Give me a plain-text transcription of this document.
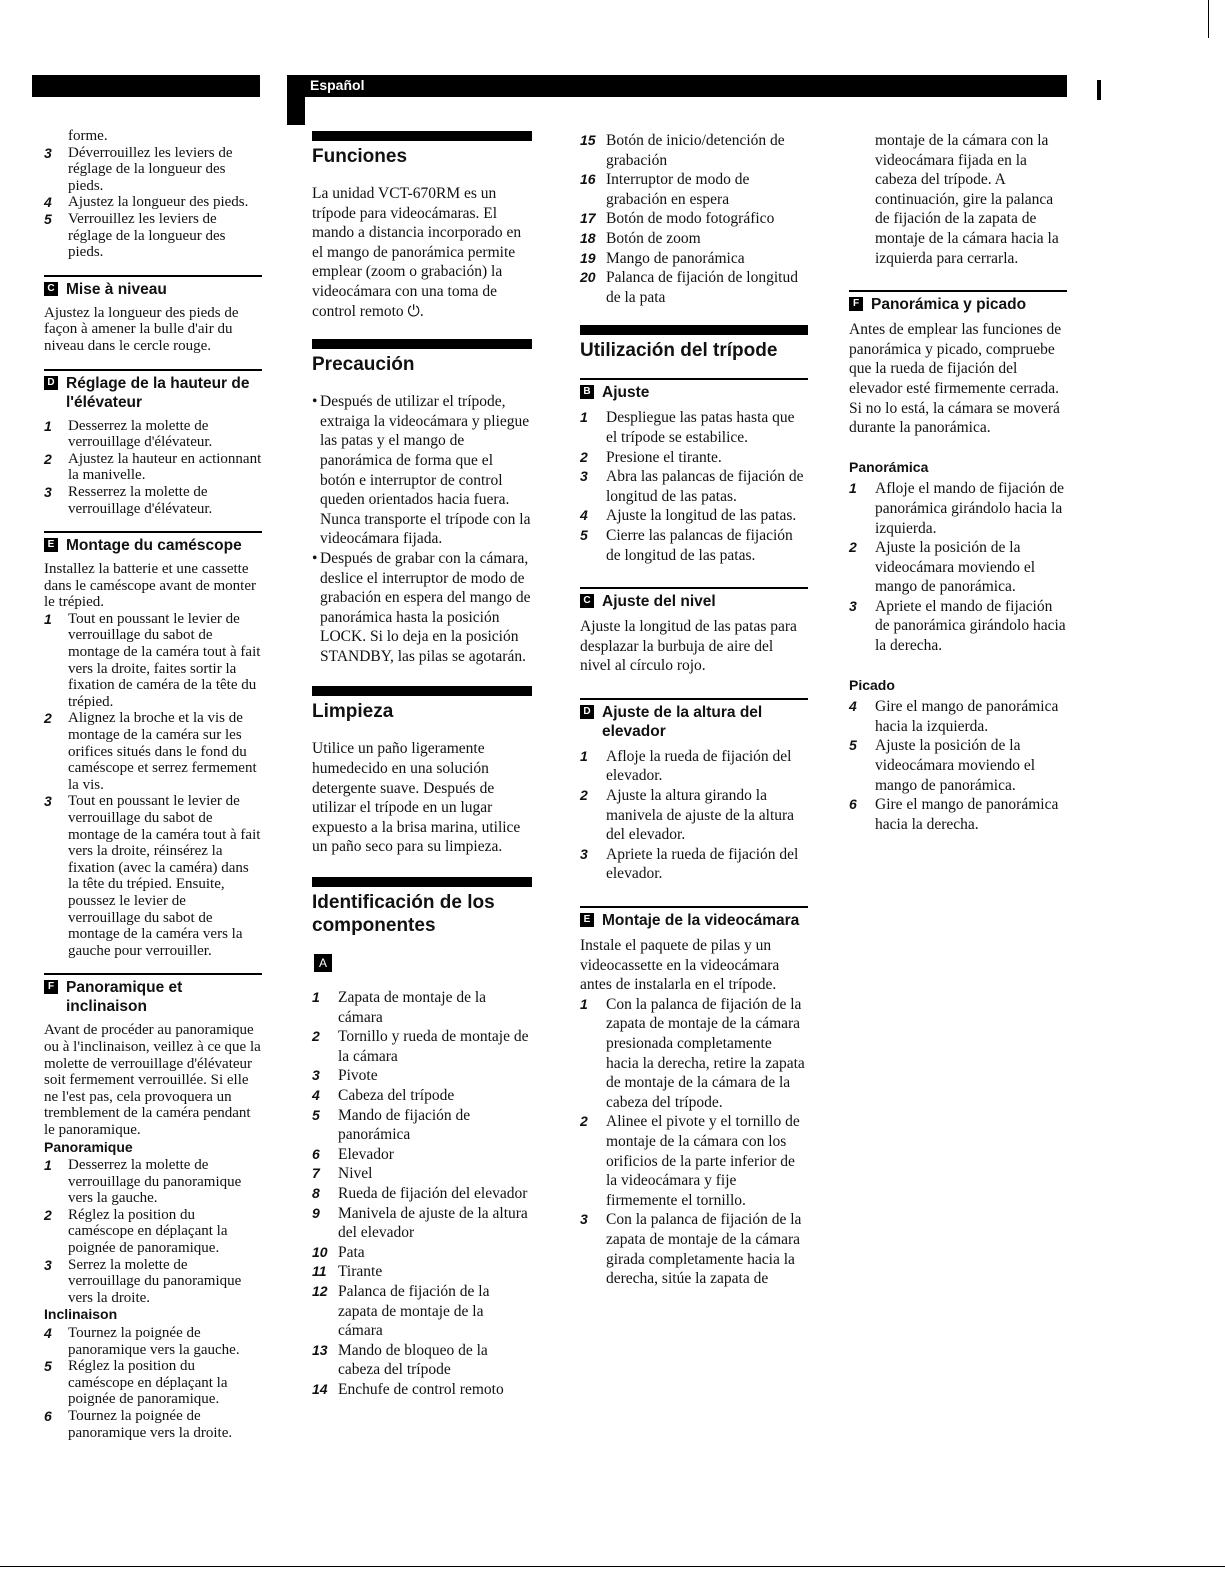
Español

forme.

3	Déverrouillez les leviers de réglage de la longueur des pieds.
4	Ajustez la longueur des pieds.
5	Verrouillez les leviers de réglage de la longueur des pieds.
C Mise à niveau

Ajustez la longueur des pieds de façon à amener la bulle d'air du niveau dans le cercle rouge.

D Réglage de la hauteur de l'élévateur
1	Desserrez la molette de verrouillage d'élévateur.
2	Ajustez la hauteur en actionnant la manivelle.
3	Resserrez la molette de verrouillage d'élévateur.
E Montage du caméscope

Installez la batterie et une cassette dans le caméscope avant de monter le trépied.

1	Tout en poussant le levier de verrouillage du sabot de montage de la caméra tout à fait vers la droite, faites sortir la fixation de caméra de la tête du trépied.
2	Alignez la broche et la vis de montage de la caméra sur les orifices situés dans le fond du caméscope et serrez fermement la vis.
3	Tout en poussant le levier de verrouillage du sabot de montage de la caméra tout à fait vers la droite, réinsérez la fixation (avec la caméra) dans la tête du trépied. Ensuite, poussez le levier de verrouillage du sabot de montage de la caméra vers la gauche pour verrouiller.
F Panoramique et inclinaison

Avant de procéder au panoramique ou à l'inclinaison, veillez à ce que la molette de verrouillage d'élévateur soit fermement verrouillée. Si elle ne l'est pas, cela provoquera un tremblement de la caméra pendant le panoramique.

Panoramique
1	Desserrez la molette de verrouillage du panoramique vers la gauche.
2	Réglez la position du caméscope en déplaçant la poignée de panoramique.
3	Serrez la molette de verrouillage du panoramique vers la droite.
Inclinaison
4	Tournez la poignée de panoramique vers la gauche.
5	Réglez la position du caméscope en déplaçant la poignée de panoramique.
6	Tournez la poignée de panoramique vers la droite.
Funciones

La unidad VCT-670RM es un trípode para videocámaras. El mando a distancia incorporado en el mango de panorámica permite emplear (zoom o grabación) la videocámara con una toma de control remoto ⏻.

Precaución
• Después de utilizar el trípode, extraiga la videocámara y pliegue las patas y el mango de panorámica de forma que el botón e interruptor de control queden orientados hacia fuera. Nunca transporte el trípode con la videocámara fijada.
• Después de grabar con la cámara, deslice el interruptor de modo de grabación en espera del mango de panorámica hasta la posición LOCK. Si lo deja en la posición STANDBY, las pilas se agotarán.
Limpieza

Utilice un paño ligeramente humedecido en una solución detergente suave. Después de utilizar el trípode en un lugar expuesto a la brisa marina, utilice un paño seco para su limpieza.

Identificación de los componentes
A
1	Zapata de montaje de la cámara
2	Tornillo y rueda de montaje de la cámara
3	Pivote
4	Cabeza del trípode
5	Mando de fijación de panorámica
6	Elevador
7	Nivel
8	Rueda de fijación del elevador
9	Manivela de ajuste de la altura del elevador
10 Pata
11 Tirante
12 Palanca de fijación de la zapata de montaje de la cámara
13 Mando de bloqueo de la cabeza del trípode
14 Enchufe de control remoto
15 Botón de inicio/detención de grabación
16 Interruptor de modo de grabación en espera
17 Botón de modo fotográfico
18 Botón de zoom
19 Mango de panorámica
20 Palanca de fijación de longitud de la pata
Utilización del trípode
B Ajuste
1	Despliegue las patas hasta que el trípode se estabilice.
2	Presione el tirante.
3	Abra las palancas de fijación de longitud de las patas.
4	Ajuste la longitud de las patas.
5	Cierre las palancas de fijación de longitud de las patas.
C Ajuste del nivel

Ajuste la longitud de las patas para desplazar la burbuja de aire del nivel al círculo rojo.

D Ajuste de la altura del elevador
1	Afloje la rueda de fijación del elevador.
2	Ajuste la altura girando la manivela de ajuste de la altura del elevador.
3	Apriete la rueda de fijación del elevador.
E Montaje de la videocámara

Instale el paquete de pilas y un videocassette en la videocámara antes de instalarla en el trípode.

1	Con la palanca de fijación de la zapata de montaje de la cámara presionada completamente hacia la derecha, retire la zapata de montaje de la cámara de la cabeza del trípode.
2	Alinee el pivote y el tornillo de montaje de la cámara con los orificios de la parte inferior de la videocámara y fije firmemente el tornillo.
3	Con la palanca de fijación de la zapata de montaje de la cámara girada completamente hacia la derecha, sitúe la zapata de

montaje de la cámara con la videocámara fijada en la cabeza del trípode. A continuación, gire la palanca de fijación de la zapata de montaje de la cámara hacia la izquierda para cerrarla.

F Panorámica y picado

Antes de emplear las funciones de panorámica y picado, compruebe que la rueda de fijación del elevador esté firmemente cerrada. Si no lo está, la cámara se moverá durante la panorámica.

Panorámica
1	Afloje el mando de fijación de panorámica girándolo hacia la izquierda.
2	Ajuste la posición de la videocámara moviendo el mango de panorámica.
3	Apriete el mando de fijación de panorámica girándolo hacia la derecha.
Picado
4	Gire el mango de panorámica hacia la izquierda.
5	Ajuste la posición de la videocámara moviendo el mango de panorámica.
6	Gire el mango de panorámica hacia la derecha.
